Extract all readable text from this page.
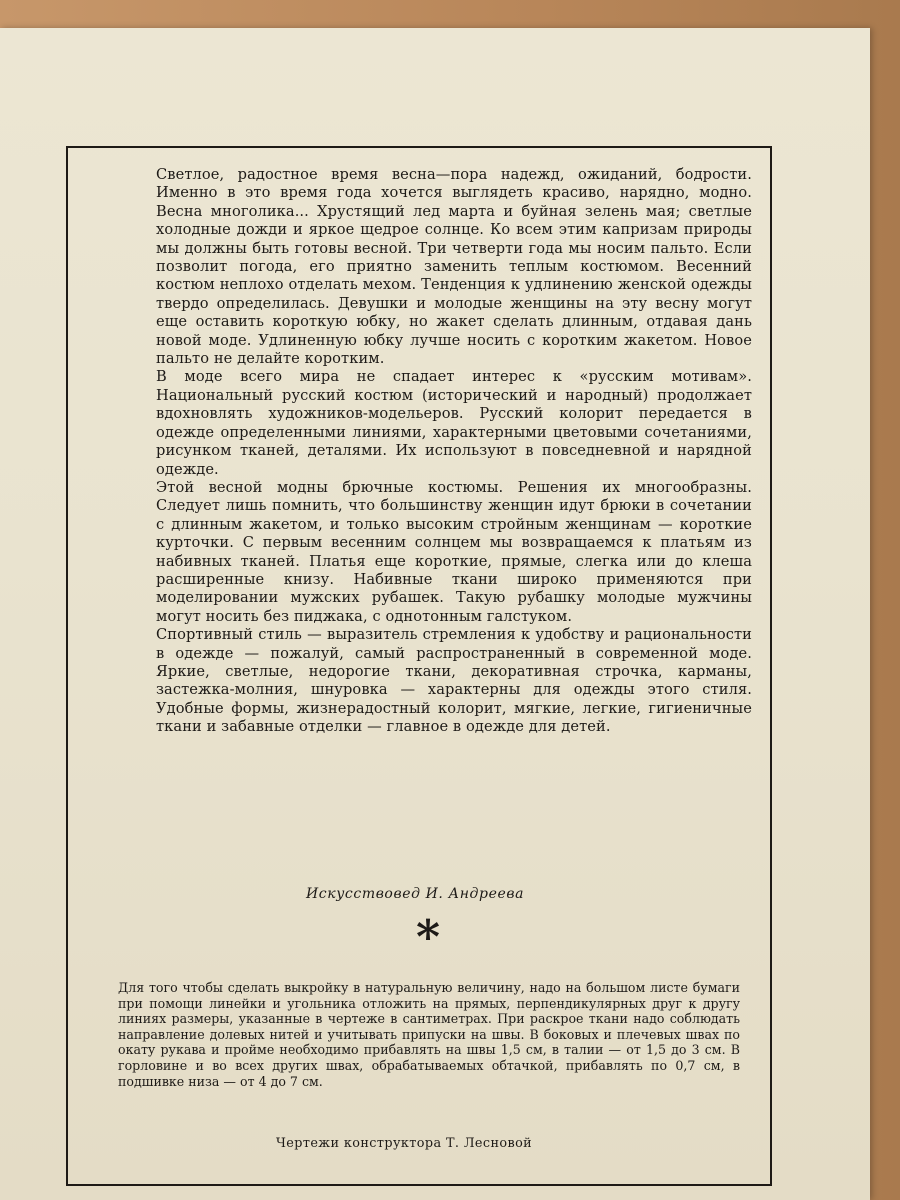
Светлое, радостное время весна—пора надежд, ожиданий, бодрости. Именно в это время года хочется выглядеть красиво, нарядно, модно. Весна многолика... Хрустящий лед марта и буйная зелень мая; светлые холодные дожди и яркое щедрое солнце. Ко всем этим капризам природы мы должны быть готовы весной. Три четверти года мы носим пальто. Если позволит погода, его приятно заменить теплым костюмом. Весенний костюм неплохо отделать мехом. Тенденция к удлинению женской одежды твердо определилась. Девушки и молодые женщины на эту весну могут еще оставить короткую юбку, но жакет сделать длинным, отдавая дань новой моде. Удлиненную юбку лучше носить с коротким жакетом. Новое пальто не делайте коротким.

В моде всего мира не спадает интерес к «русским мотивам». Национальный русский костюм (исторический и народный) продолжает вдохновлять художников-модельеров. Русский колорит передается в одежде определенными линиями, характерными цветовыми сочетаниями, рисунком тканей, деталями. Их используют в повседневной и нарядной одежде.

Этой весной модны брючные костюмы. Решения их многообразны. Следует лишь помнить, что большинству женщин идут брюки в сочетании с длинным жакетом, и только высоким стройным женщинам — короткие курточки. С первым весенним солнцем мы возвращаемся к платьям из набивных тканей. Платья еще короткие, прямые, слегка или до клеша расширенные книзу. Набивные ткани широко применяются при моделировании мужских рубашек. Такую рубашку молодые мужчины могут носить без пиджака, с однотонным галстуком.

Спортивный стиль — выразитель стремления к удобству и рациональности в одежде — пожалуй, самый распространенный в современной моде. Яркие, светлые, недорогие ткани, декоративная строчка, карманы, застежка-молния, шнуровка — характерны для одежды этого стиля. Удобные формы, жизнерадостный колорит, мягкие, легкие, гигиеничные ткани и забавные отделки — главное в одежде для детей.

Искусствовед И. Андреева
*
Для того чтобы сделать выкройку в натуральную величину, надо на большом листе бумаги при помощи линейки и угольника отложить на прямых, перпендикулярных друг к другу линиях размеры, указанные в чертеже в сантиметрах. При раскрое ткани надо соблюдать направление долевых нитей и учитывать припуски на швы. В боковых и плечевых швах по окату рукава и пройме необходимо прибавлять на швы 1,5 см, в талии — от 1,5 до 3 см. В горловине и во всех других швах, обрабатываемых обтачкой, прибавлять по 0,7 см, в подшивке низа — от 4 до 7 см.
Чертежи конструктора Т. Лесновой
